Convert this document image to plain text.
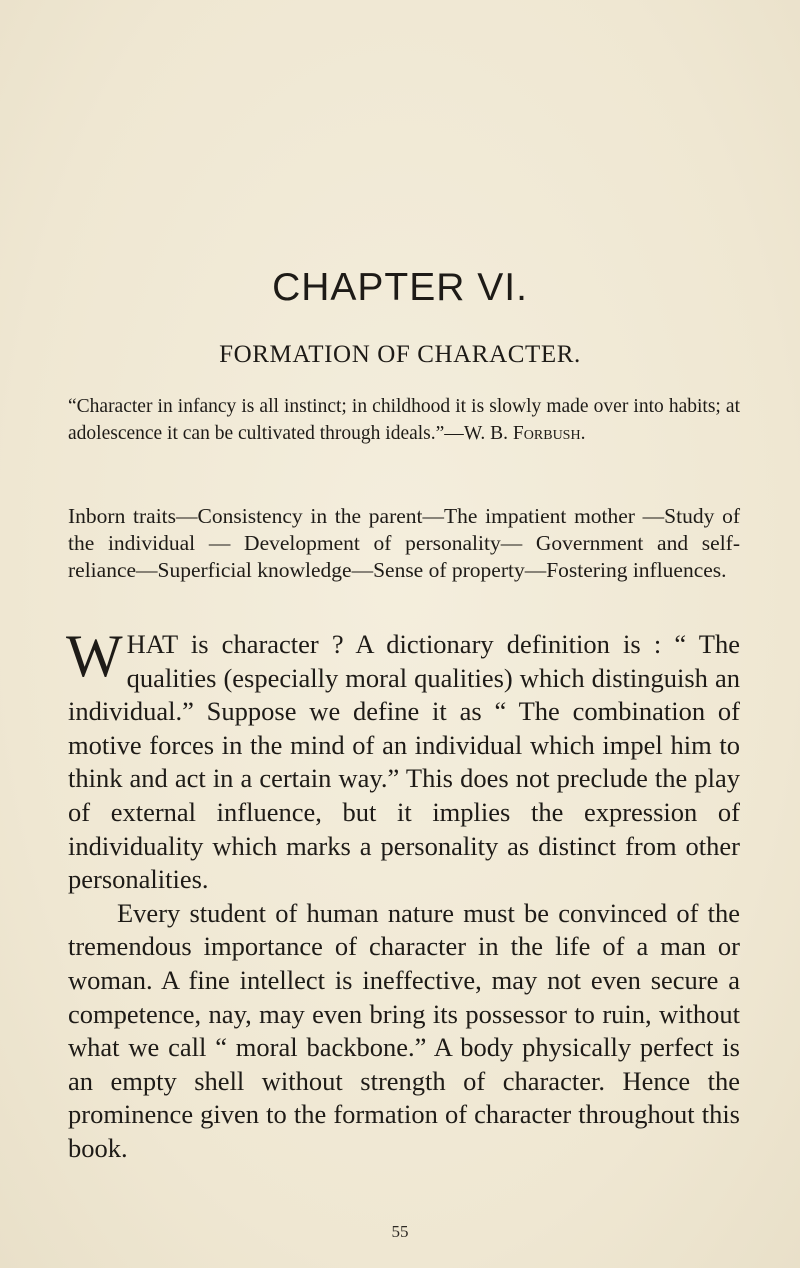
CHAPTER VI.
FORMATION OF CHARACTER.
“Character in infancy is all instinct; in childhood it is slowly made over into habits; at adolescence it can be cultivated through ideals.”—W. B. Forbush.
Inborn traits—Consistency in the parent—The impatient mother —Study of the individual — Development of personality— Government and self-reliance—Superficial knowledge—Sense of property—Fostering influences.

WHAT is character ? A dictionary definition is : “ The qualities (especially moral qualities) which distinguish an individual.” Suppose we define it as “ The combination of motive forces in the mind of an individual which impel him to think and act in a certain way.” This does not preclude the play of external influence, but it implies the expression of individuality which marks a personality as distinct from other personalities.

Every student of human nature must be convinced of the tremendous importance of character in the life of a man or woman. A fine intellect is ineffective, may not even secure a competence, nay, may even bring its possessor to ruin, without what we call “ moral backbone.” A body physically perfect is an empty shell without strength of character. Hence the prominence given to the formation of character throughout this book.

55
